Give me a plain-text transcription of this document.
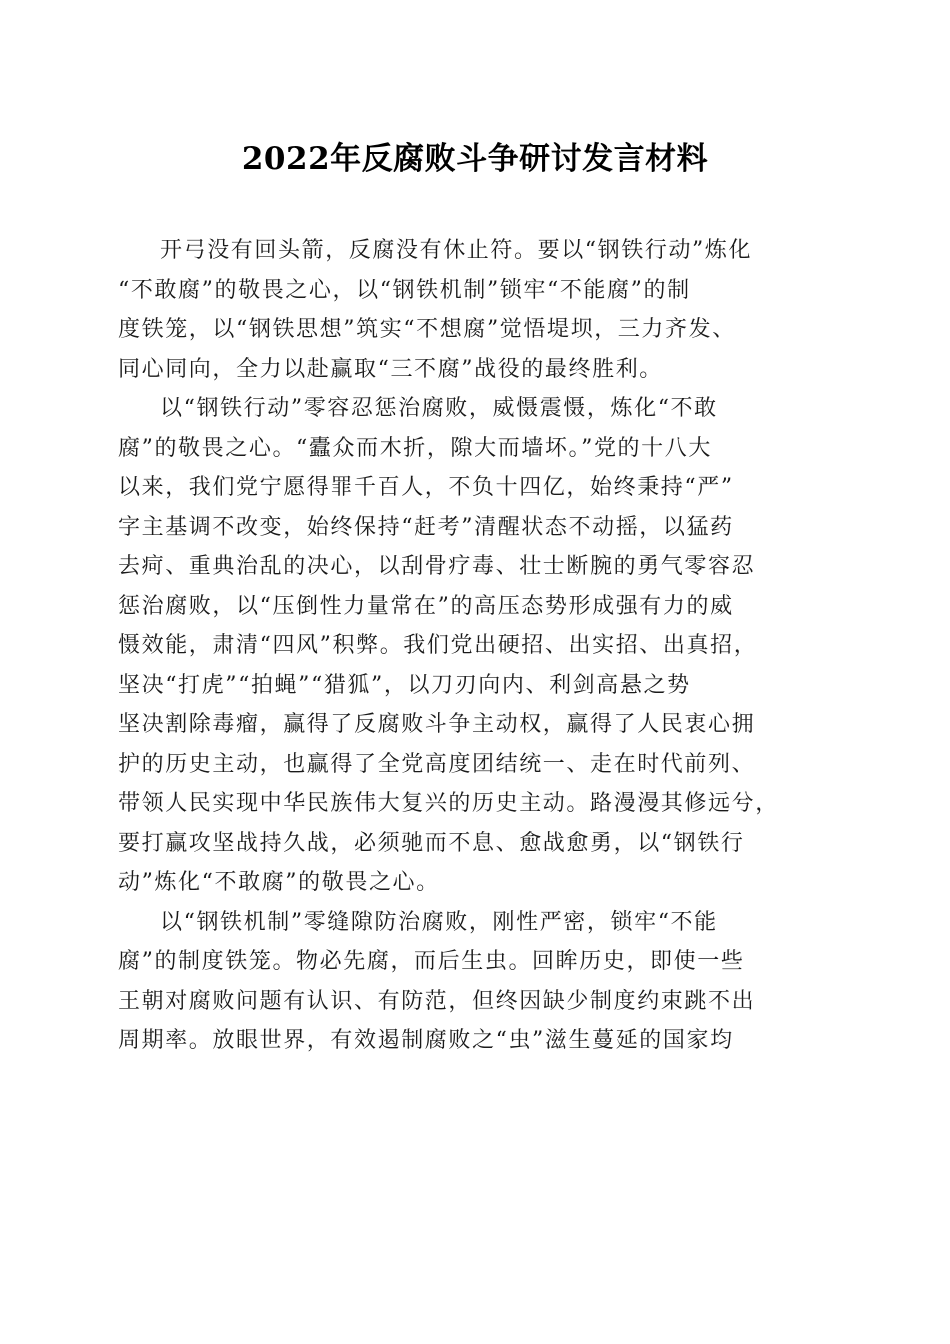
2022年反腐败斗争研讨发言材料

开弓没有回头箭，反腐没有休止符。要以“钢铁行动”炼化
“不敢腐”的敬畏之心，以“钢铁机制”锁牢“不能腐”的制
度铁笼，以“钢铁思想”筑实“不想腐”觉悟堤坝，三力齐发、
同心同向，全力以赴赢取“三不腐”战役的最终胜利。

以“钢铁行动”零容忍惩治腐败，威慑震慑，炼化“不敢
腐”的敬畏之心。“蠹众而木折，隙大而墙坏。”党的十八大
以来，我们党宁愿得罪千百人，不负十四亿，始终秉持“严”
字主基调不改变，始终保持“赶考”清醒状态不动摇，以猛药
去疴、重典治乱的决心，以刮骨疗毒、壮士断腕的勇气零容忍
惩治腐败，以“压倒性力量常在”的高压态势形成强有力的威
慑效能，肃清“四风”积弊。我们党出硬招、出实招、出真招，
坚决“打虎”“拍蝇”“猎狐”，以刀刃向内、利剑高悬之势
坚决割除毒瘤，赢得了反腐败斗争主动权，赢得了人民衷心拥
护的历史主动，也赢得了全党高度团结统一、走在时代前列、
带领人民实现中华民族伟大复兴的历史主动。路漫漫其修远兮，
要打赢攻坚战持久战，必须驰而不息、愈战愈勇，以“钢铁行
动”炼化“不敢腐”的敬畏之心。

以“钢铁机制”零缝隙防治腐败，刚性严密，锁牢“不能
腐”的制度铁笼。物必先腐，而后生虫。回眸历史，即使一些
王朝对腐败问题有认识、有防范，但终因缺少制度约束跳不出
周期率。放眼世界，有效遏制腐败之“虫”滋生蔓延的国家均
